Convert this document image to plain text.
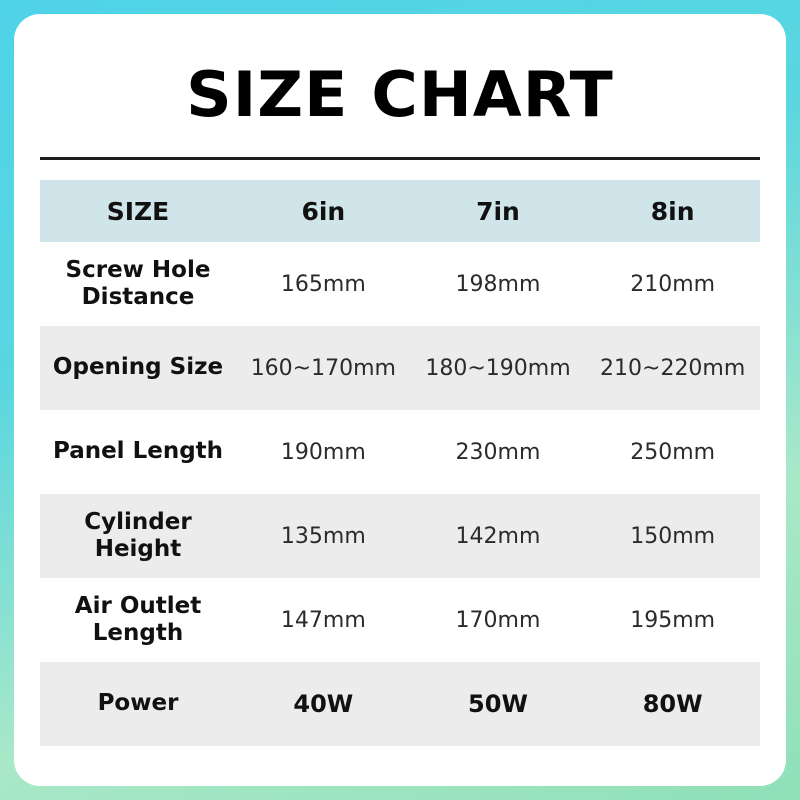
SIZE CHART
SIZE	6in	7in	8in
Screw Hole Distance	165mm	198mm	210mm
Opening Size	160~170mm	180~190mm	210~220mm
Panel Length	190mm	230mm	250mm
Cylinder Height	135mm	142mm	150mm
Air Outlet Length	147mm	170mm	195mm
Power	40W	50W	80W
